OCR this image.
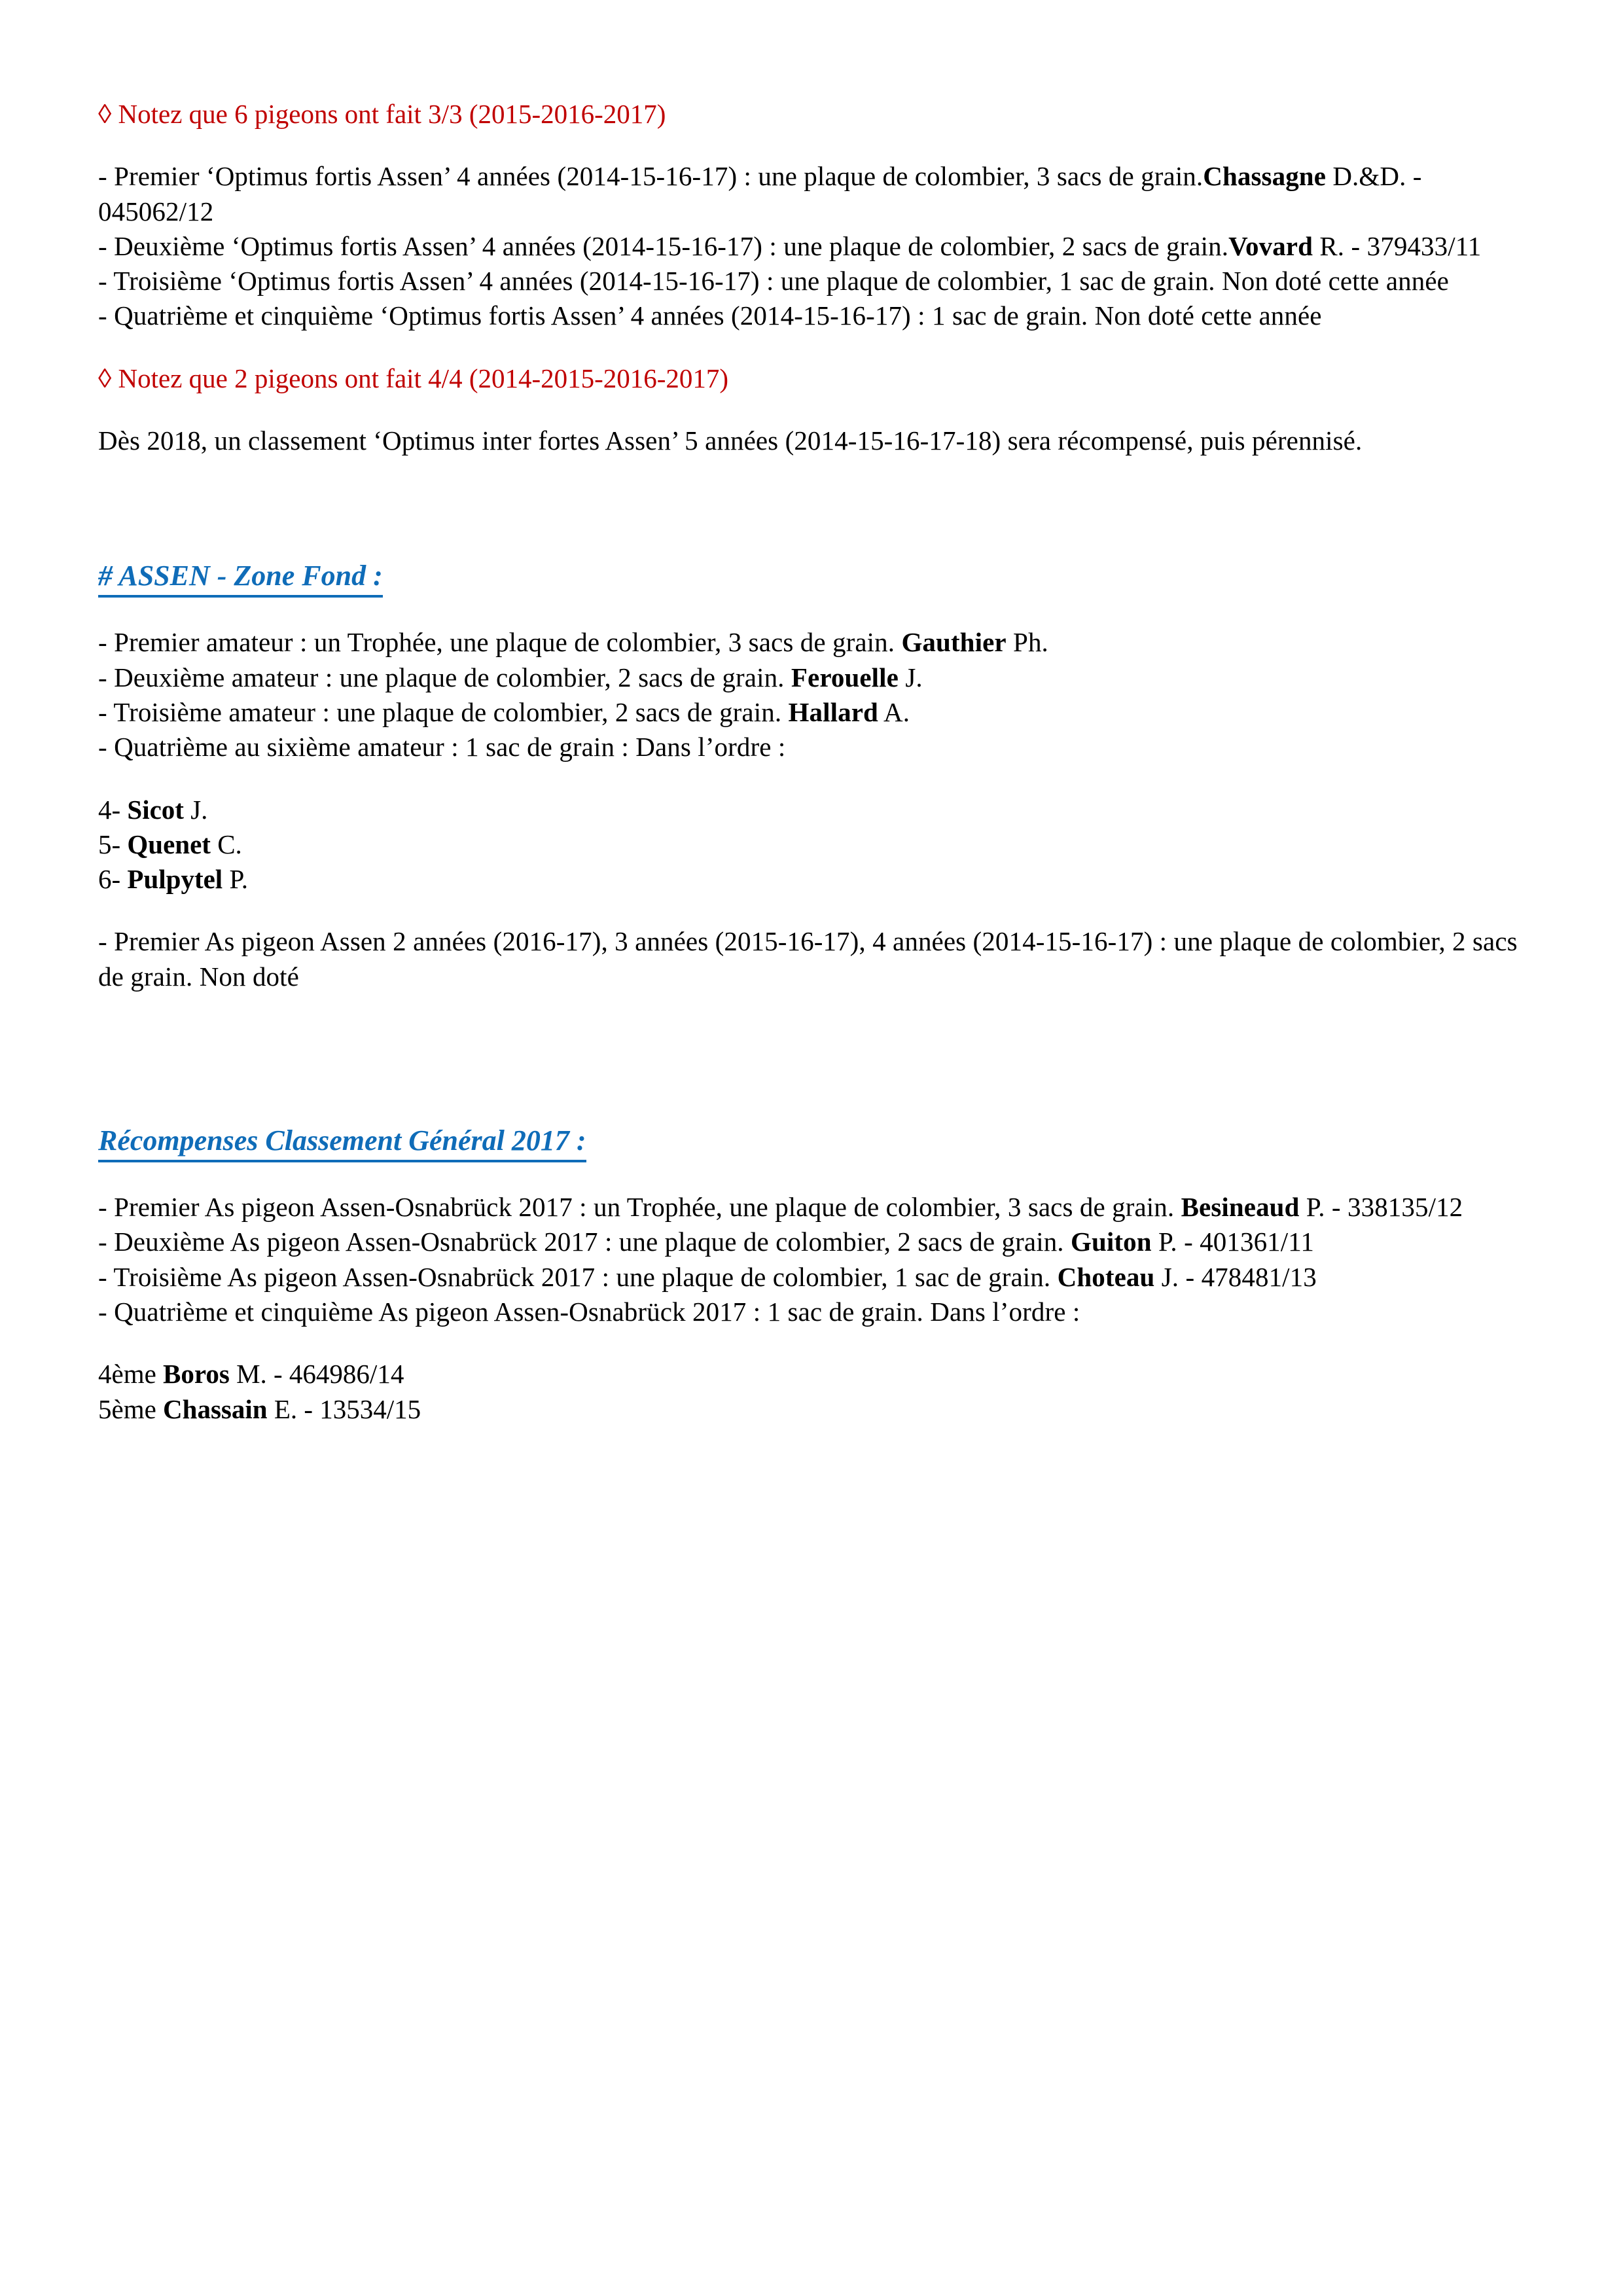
◊ Notez que 6 pigeons ont fait 3/3 (2015-2016-2017)

- Premier ‘Optimus fortis Assen’ 4 années (2014-15-16-17) : une plaque de colombier, 3 sacs de grain.Chassagne D.&D. - 045062/12

- Deuxième ‘Optimus fortis Assen’ 4 années (2014-15-16-17) : une plaque de colombier, 2 sacs de grain.Vovard R. - 379433/11

- Troisième ‘Optimus fortis Assen’ 4 années (2014-15-16-17) : une plaque de colombier, 1 sac de grain. Non doté cette année

- Quatrième et cinquième ‘Optimus fortis Assen’ 4 années (2014-15-16-17) : 1 sac de grain. Non doté cette année

◊ Notez que 2 pigeons ont fait 4/4 (2014-2015-2016-2017)

Dès 2018, un classement ‘Optimus inter fortes Assen’ 5 années (2014-15-16-17-18) sera récompensé, puis pérennisé.

# ASSEN - Zone Fond :

- Premier amateur : un Trophée, une plaque de colombier, 3 sacs de grain. Gauthier Ph.

- Deuxième amateur : une plaque de colombier, 2 sacs de grain. Ferouelle J.

- Troisième amateur : une plaque de colombier, 2 sacs de grain. Hallard A.

- Quatrième au sixième amateur : 1 sac de grain : Dans l’ordre :

4- Sicot J.

5- Quenet C.

6- Pulpytel P.

- Premier As pigeon Assen 2 années (2016-17), 3 années (2015-16-17), 4 années (2014-15-16-17) : une plaque de colombier, 2 sacs de grain. Non doté

Récompenses Classement Général 2017 :

- Premier As pigeon Assen-Osnabrück 2017 : un Trophée, une plaque de colombier, 3 sacs de grain. Besineaud P. - 338135/12

- Deuxième As pigeon Assen-Osnabrück 2017 : une plaque de colombier, 2 sacs de grain. Guiton P. - 401361/11

- Troisième As pigeon Assen-Osnabrück 2017 : une plaque de colombier, 1 sac de grain. Choteau J. - 478481/13

- Quatrième et cinquième As pigeon Assen-Osnabrück 2017 : 1 sac de grain. Dans l’ordre :

4ème Boros M. - 464986/14

5ème Chassain E. - 13534/15
